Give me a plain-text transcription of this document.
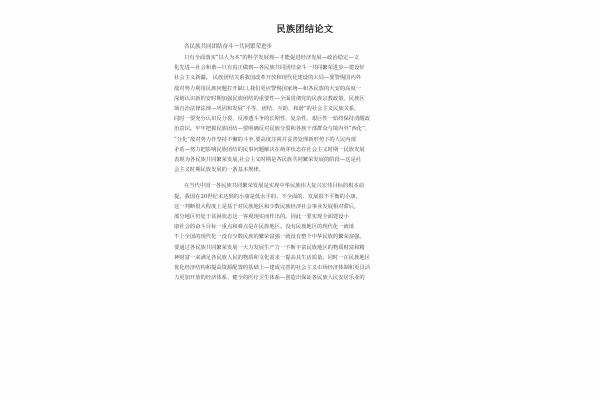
民族团结论文
各民族共同团结奋斗一共同繁荣进步
只有全面落实“以人为本”的科学发展观—才能促进经济发展—政治稳定—文
化先进—社会和谐—只有真正做到—各民族共同团结奋斗一共同繁荣进步—建设好
社会主义新疆。 民族团结关系我国改革开放和现代化建设的大局—要警惕国内外
敌对势力利用民族问题打开缺口,我们更应警惕国家统—和各民族的大安的高度一
深刻认识新的安时期加强民族团结的重要性—全面贯彻党的民族宗教政策。民族区
域自治法律法规—巩固和发展“平等、团结、互助、和谐”的社会主义民族关系,
同时一要充分认识反分裂、反渗透斗争的长期性、复杂性、艰巨性一始终保持清醒政
治意识。牢牢把握民族团结—要明确反对民族分裂和各族干部群众与境内外“西化”、
“分化”敌对势力作坚持不懈的斗争,要高度注视并妥善处理新形势下的人民内部
矛盾—努力把影响民族团结的民事问题解决在萌芽状态在社会主义时期一民族发展
表现为各民族共同繁荣发展,社会主义时期是各民族共同繁荣发展的阶段—这是社
会主义时期民族发展的一条基本规律。
在当代中国一各民族共同繁荣发展是实现中华民族伟大复兴宏伟目标的根本前
提。我国在20世纪末达到的小康是低水平的、不全面的、发展很不平衡的小康,
这一判断很大程度上是基于对民族地区和少数民族经济社会事业发展相对滞后,
部分地区仍处于贫困状态这一客观现实而作出的。因此一要实现全面建设小
康社会的奋斗目标一重点和难点是在民族地区。没有民族地区的现代化一就谈
不上全国的现代化一没有少数民族的繁荣富强一就没有整个中华民族的繁荣富强。
要通过各民族共同繁荣发展一大力发展生产力一不断丰富民族地区的物质财富和精
神财富一来满足各民族人民的物质和文化需求一提高其生活质量。同时一在民族地区
优化经济结构和提高资源配置的基础上—建成完善的社会主义市场经济体制和更具活
力更加开放的经济体系、健全的医疗卫生体系—创造出保证各民族人民安居乐业的
